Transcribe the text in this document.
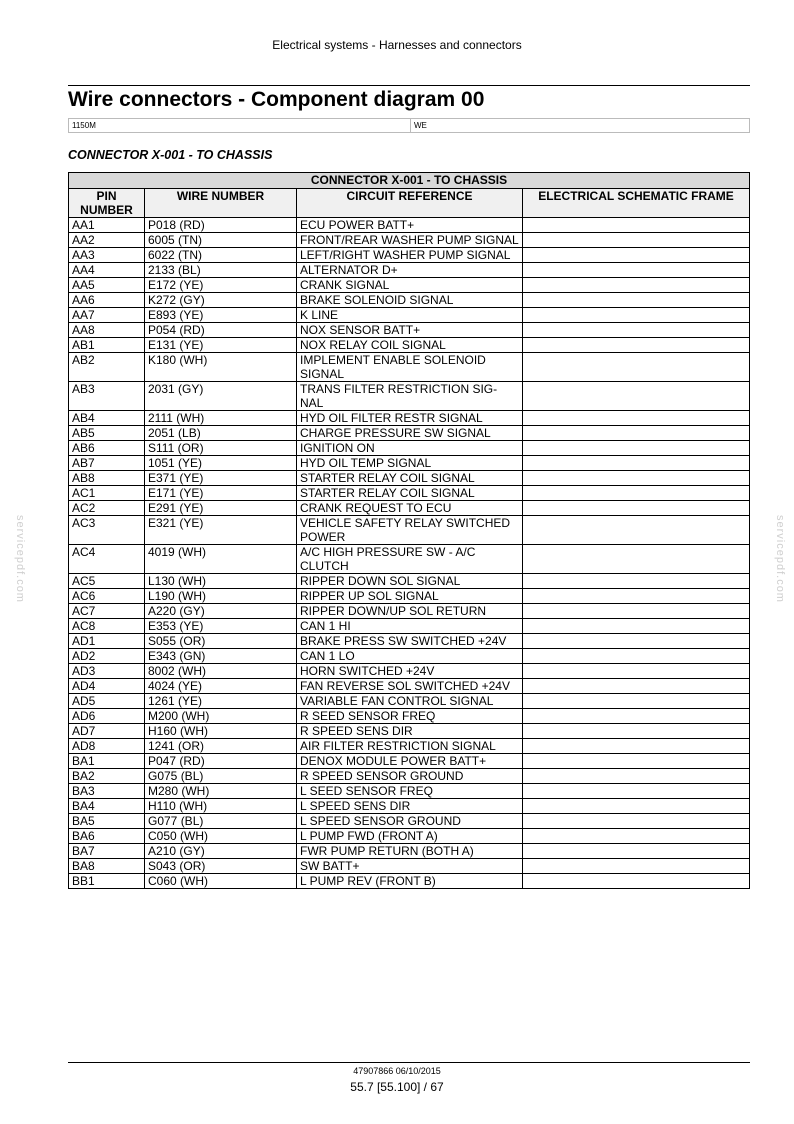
Electrical systems - Harnesses and connectors
Wire connectors - Component diagram 00
1150M	WE
CONNECTOR X-001 - TO CHASSIS
CONNECTOR X-001 - TO CHASSIS			
PIN NUMBER	WIRE NUMBER	CIRCUIT REFERENCE	ELECTRICAL SCHEMATIC FRAME
AA1	P018 (RD)	ECU POWER BATT+	
AA2	6005 (TN)	FRONT/REAR WASHER PUMP SIGNAL	
AA3	6022 (TN)	LEFT/RIGHT WASHER PUMP SIGNAL	
AA4	2133 (BL)	ALTERNATOR D+	
AA5	E172 (YE)	CRANK SIGNAL	
AA6	K272 (GY)	BRAKE SOLENOID SIGNAL	
AA7	E893 (YE)	K LINE	
AA8	P054 (RD)	NOX SENSOR BATT+	
AB1	E131 (YE)	NOX RELAY COIL SIGNAL	
AB2	K180 (WH)	IMPLEMENT ENABLE SOLENOID SIGNAL	
AB3	2031 (GY)	TRANS FILTER RESTRICTION SIG-NAL	
AB4	2111 (WH)	HYD OIL FILTER RESTR SIGNAL	
AB5	2051 (LB)	CHARGE PRESSURE SW SIGNAL	
AB6	S111 (OR)	IGNITION ON	
AB7	1051 (YE)	HYD OIL TEMP SIGNAL	
AB8	E371 (YE)	STARTER RELAY COIL SIGNAL	
AC1	E171 (YE)	STARTER RELAY COIL SIGNAL	
AC2	E291 (YE)	CRANK REQUEST TO ECU	
AC3	E321 (YE)	VEHICLE SAFETY RELAY SWITCHED POWER	
AC4	4019 (WH)	A/C HIGH PRESSURE SW - A/C CLUTCH	
AC5	L130 (WH)	RIPPER DOWN SOL SIGNAL	
AC6	L190 (WH)	RIPPER UP SOL SIGNAL	
AC7	A220 (GY)	RIPPER DOWN/UP SOL RETURN	
AC8	E353 (YE)	CAN 1 HI	
AD1	S055 (OR)	BRAKE PRESS SW SWITCHED +24V	
AD2	E343 (GN)	CAN 1 LO	
AD3	8002 (WH)	HORN SWITCHED +24V	
AD4	4024 (YE)	FAN REVERSE SOL SWITCHED +24V	
AD5	1261 (YE)	VARIABLE FAN CONTROL SIGNAL	
AD6	M200 (WH)	R SEED SENSOR FREQ	
AD7	H160 (WH)	R SPEED SENS DIR	
AD8	1241 (OR)	AIR FILTER RESTRICTION SIGNAL	
BA1	P047 (RD)	DENOX MODULE POWER BATT+	
BA2	G075 (BL)	R SPEED SENSOR GROUND	
BA3	M280 (WH)	L SEED SENSOR FREQ	
BA4	H110 (WH)	L SPEED SENS DIR	
BA5	G077 (BL)	L SPEED SENSOR GROUND	
BA6	C050 (WH)	L PUMP FWD (FRONT A)	
BA7	A210 (GY)	FWR PUMP RETURN (BOTH A)	
BA8	S043 (OR)	SW BATT+	
BB1	C060 (WH)	L PUMP REV (FRONT B)	
47907866 06/10/2015
55.7 [55.100] / 67
servicepdf.com	servicepdf.com
